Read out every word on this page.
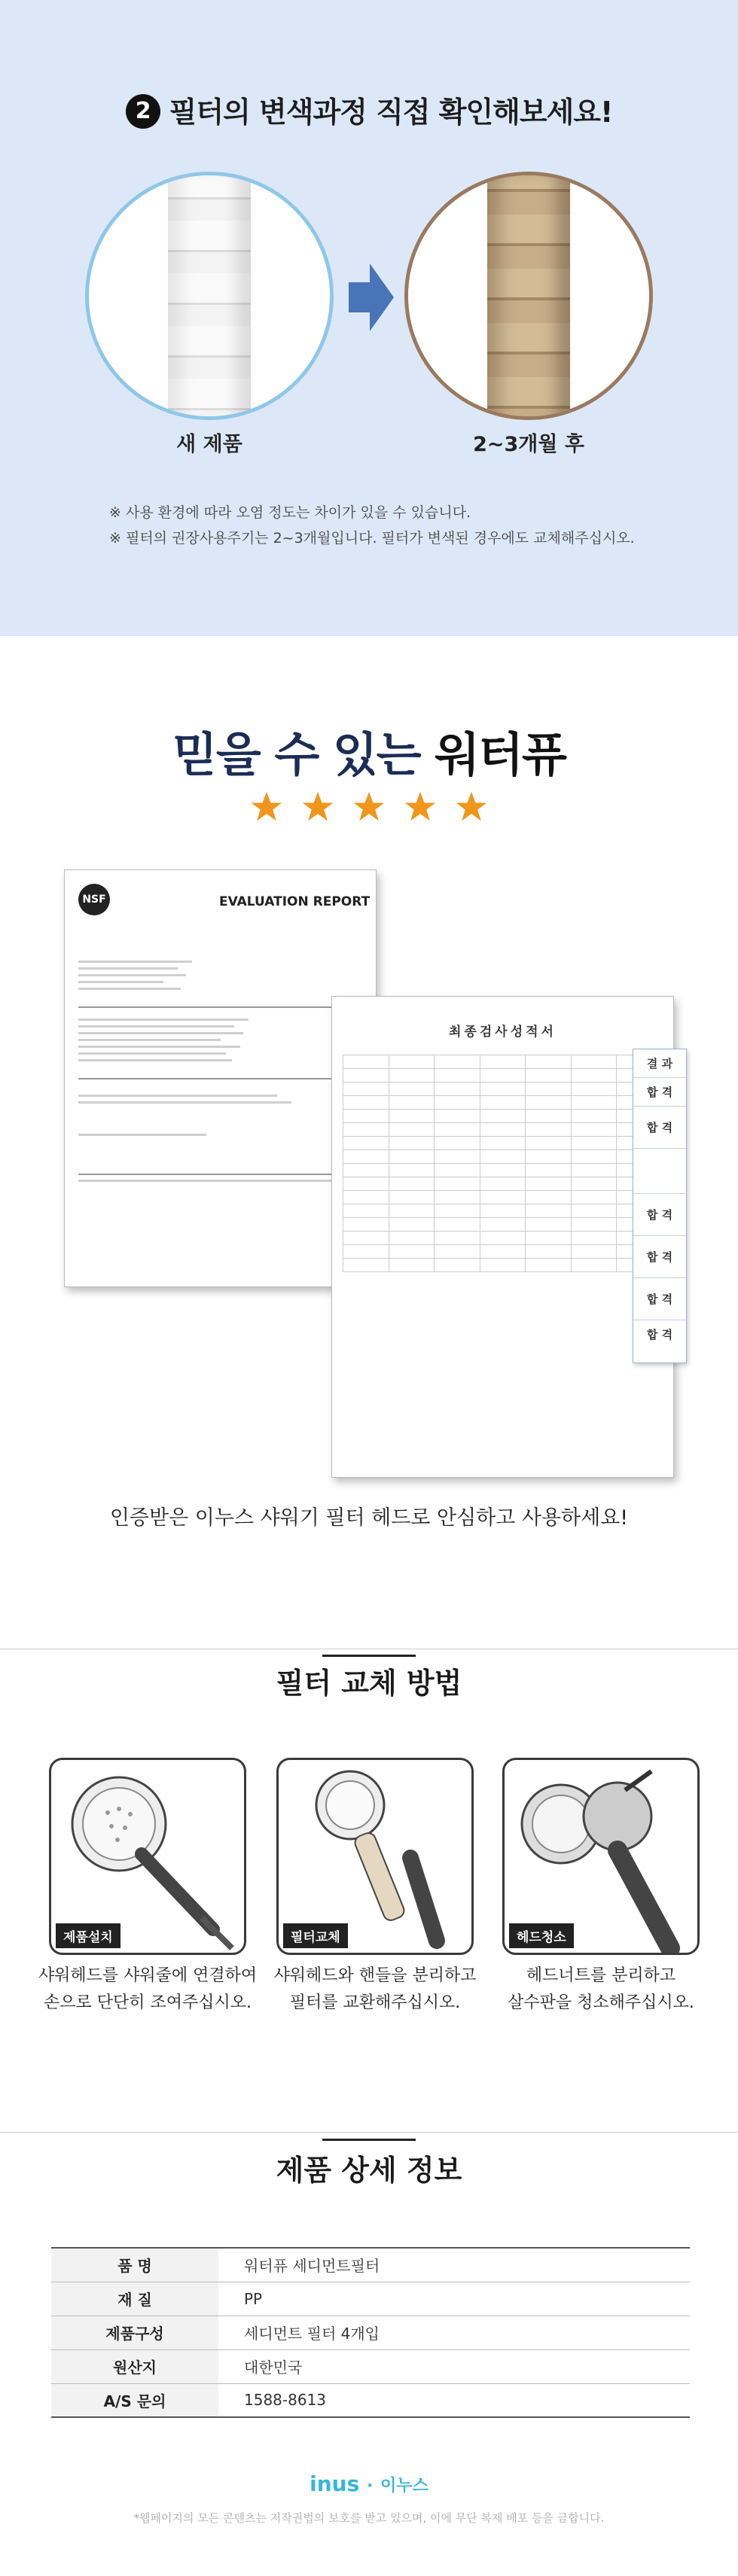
2 필터의 변색과정 직접 확인해보세요!
새 제품	2~3개월 후
※ 사용 환경에 따라 오염 정도는 차이가 있을 수 있습니다.
※ 필터의 권장사용주기는 2~3개월입니다. 필터가 변색된 경우에도 교체해주십시오.
믿을 수 있는 워터퓨
NSF	EVALUATION REPORT
최종검사성적서

결 과
합 격
합 격
합 격
합 격
합 격
합 격
인증받은 이누스 샤워기 필터 헤드로 안심하고 사용하세요!
필터 교체 방법
제품설치	필터교체	헤드청소
샤워헤드를 샤워줄에 연결하여
손으로 단단히 조여주십시오.
샤워헤드와 핸들을 분리하고
필터를 교환해주십시오.
헤드너트를 분리하고
살수판을 청소해주십시오.
제품 상세 정보
품 명	워터퓨 세디먼트필터
재 질	PP
제품구성	세디먼트 필터 4개입
원산지	대한민국
A/S 문의	1588-8613
inus · 이누스
*웹페이지의 모든 콘텐츠는 저작권법의 보호를 받고 있으며, 이에 무단 복제 배포 등을 금합니다.
